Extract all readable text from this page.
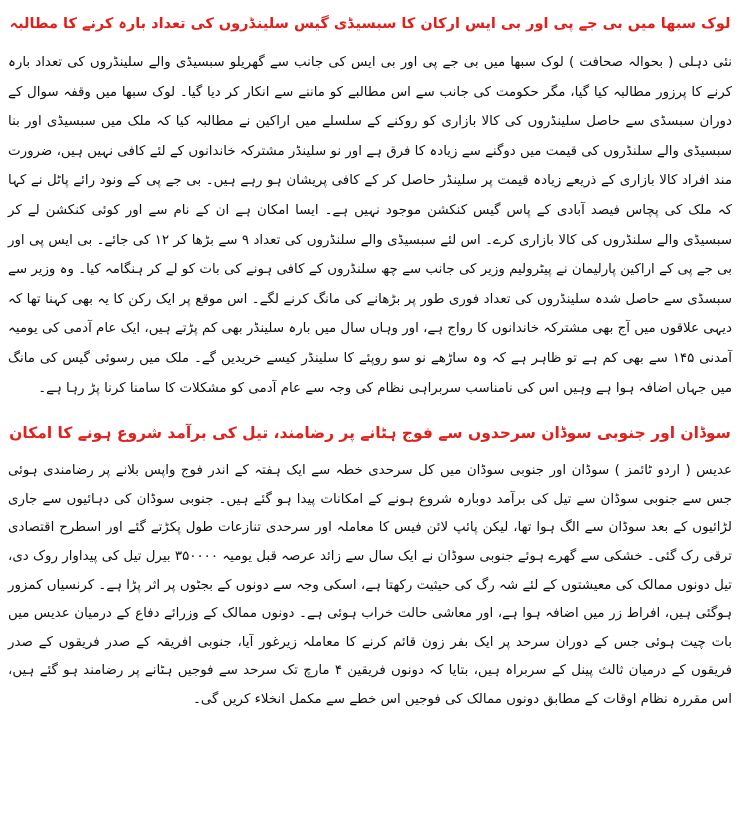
لوک سبھا میں بی جے پی اور بی ایس ارکان کا سبسیڈی گیس سلینڈروں کی تعداد بارہ کرنے کا مطالبہ

نئی دہلی ( بحوالہ صحافت ) لوک سبھا میں بی جے پی اور بی ایس کی جانب سے گھریلو سبسیڈی والے سلینڈروں کی تعداد بارہ کرنے کا پرزور مطالبہ کیا گیا، مگر حکومت کی جانب سے اس مطالبے کو ماننے سے انکار کر دیا گیا۔ لوک سبھا میں وقفہ سوال کے دوران سبسڈی سے حاصل سلینڈروں کی کالا بازاری کو روکنے کے سلسلے میں اراکین نے مطالبہ کیا کہ ملک میں سبسیڈی اور بنا سبسیڈی والے سلنڈروں کی قیمت میں دوگنے سے زیادہ کا فرق ہے اور نو سلینڈر مشترکہ خاندانوں کے لئے کافی نہیں ہیں، ضرورت مند افراد کالا بازاری کے ذریعے زیادہ قیمت پر سلینڈر حاصل کر کے کافی پریشان ہو رہے ہیں۔ بی جے پی کے ونود رائے پاٹل نے کہا کہ ملک کی پچاس فیصد آبادی کے پاس گیس کنکشن موجود نہیں ہے۔ ایسا امکان ہے ان کے نام سے اور کوئی کنکشن لے کر سبسیڈی والے سلنڈروں کی کالا بازاری کرے۔ اس لئے سبسیڈی والے سلنڈروں کی تعداد ۹ سے بڑھا کر ۱۲ کی جائے۔ بی ایس پی اور بی جے پی کے اراکین پارلیمان نے پیٹرولیم وزیر کی جانب سے چھ سلنڈروں کے کافی ہونے کی بات کو لے کر ہنگامہ کیا۔ وہ وزیر سے سبسڈی سے حاصل شدہ سلینڈروں کی تعداد فوری طور پر بڑھانے کی مانگ کرنے لگے۔ اس موقع پر ایک رکن کا یہ بھی کہنا تھا کہ دیہی علاقوں میں آج بھی مشترکہ خاندانوں کا رواج ہے، اور وہاں سال میں بارہ سلینڈر بھی کم پڑتے ہیں، ایک عام آدمی کی یومیہ آمدنی ۱۴۵ سے بھی کم ہے تو ظاہر ہے کہ وہ ساڑھے نو سو روپئے کا سلینڈر کیسے خریدیں گے۔ ملک میں رسوئی گیس کی مانگ میں جہاں اضافہ ہوا ہے وہیں اس کی نامناسب سربراہی نظام کی وجہ سے عام آدمی کو مشکلات کا سامنا کرنا پڑ رہا ہے۔

سوڈان اور جنوبی سوڈان سرحدوں سے فوج ہٹانے پر رضامند، تیل کی برآمد شروع ہونے کا امکان

عدیس ( اردو ٹائمز ) سوڈان اور جنوبی سوڈان میں کل سرحدی خطہ سے ایک ہفتہ کے اندر فوج واپس بلانے پر رضامندی ہوئی جس سے جنوبی سوڈان سے تیل کی برآمد دوبارہ شروع ہونے کے امکانات پیدا ہو گئے ہیں۔ جنوبی سوڈان کی دہائیوں سے جاری لڑائیوں کے بعد سوڈان سے الگ ہوا تھا، لیکن پائپ لائن فیس کا معاملہ اور سرحدی تنازعات طول پکڑتے گئے اور اسطرح اقتصادی ترقی رک گئی۔ خشکی سے گھرے ہوئے جنوبی سوڈان نے ایک سال سے زائد عرصہ قبل یومیہ ۳۵۰۰۰۰ بیرل تیل کی پیداوار روک دی، تیل دونوں ممالک کی معیشتوں کے لئے شہ رگ کی حیثیت رکھتا ہے، اسکی وجہ سے دونوں کے بجٹوں پر اثر پڑا ہے۔ کرنسیاں کمزور ہوگئی ہیں، افراط زر میں اضافہ ہوا ہے، اور معاشی حالت خراب ہوئی ہے۔ دونوں ممالک کے وزرائے دفاع کے درمیان عدیس میں بات چیت ہوئی جس کے دوران سرحد پر ایک بفر زون قائم کرنے کا معاملہ زیرغور آیا، جنوبی افریقہ کے صدر فریقوں کے صدر فریقوں کے درمیان ثالث پینل کے سربراہ ہیں، بتایا کہ دونوں فریقین ۴ مارچ تک سرحد سے فوجیں ہٹانے پر رضامند ہو گئے ہیں، اس مقررہ نظام اوقات کے مطابق دونوں ممالک کی فوجیں اس خطے سے مکمل انخلاء کریں گی۔
